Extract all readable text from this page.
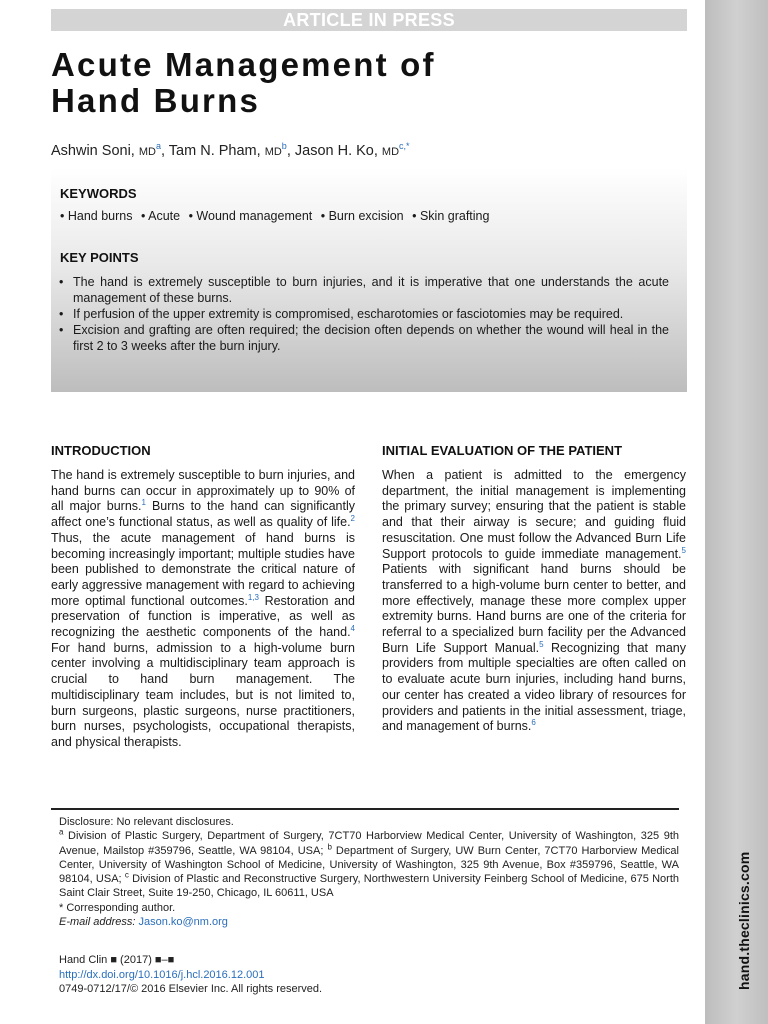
ARTICLE IN PRESS
hand.theclinics.com
Acute Management of
Hand Burns
Ashwin Soni, $MD^a$, Tam N. Pham, $MD^b$, Jason H. Ko, $MD^{c,*}$
KEYWORDS
• Hand burns • Acute • Wound management • Burn excision • Skin grafting
KEY POINTS
• The hand is extremely susceptible to burn injuries, and it is imperative that one understands the acute management of these burns.
• If perfusion of the upper extremity is compromised, escharotomies or fasciotomies may be required.
• Excision and grafting are often required; the decision often depends on whether the wound will heal in the first 2 to 3 weeks after the burn injury.
INTRODUCTION

The hand is extremely susceptible to burn injuries, and hand burns can occur in approximately up to 90% of all major burns.$^1$ Burns to the hand can significantly affect one’s functional status, as well as quality of life.$^2$ Thus, the acute management of hand burns is becoming increasingly important; multiple studies have been published to demonstrate the critical nature of early aggressive management with regard to achieving more optimal functional outcomes.$^{1,3}$ Restoration and preservation of function is imperative, as well as recognizing the aesthetic components of the hand.$^4$ For hand burns, admission to a high-volume burn center involving a multidisciplinary team approach is crucial to hand burn management. The multidisciplinary team includes, but is not limited to, burn surgeons, plastic surgeons, nurse practitioners, burn nurses, psychologists, occupational therapists, and physical therapists.

INITIAL EVALUATION OF THE PATIENT

When a patient is admitted to the emergency department, the initial management is implementing the primary survey; ensuring that the patient is stable and that their airway is secure; and guiding fluid resuscitation. One must follow the Advanced Burn Life Support protocols to guide immediate management.$^5$ Patients with significant hand burns should be transferred to a high-volume burn center to better, and more effectively, manage these more complex upper extremity burns. Hand burns are one of the criteria for referral to a specialized burn facility per the Advanced Burn Life Support Manual.$^5$ Recognizing that many providers from multiple specialties are often called on to evaluate acute burn injuries, including hand burns, our center has created a video library of resources for providers and patients in the initial assessment, triage, and management of burns.$^6$

Disclosure: No relevant disclosures.

$^a$ Division of Plastic Surgery, Department of Surgery, 7CT70 Harborview Medical Center, University of Washington, 325 9th Avenue, Mailstop #359796, Seattle, WA 98104, USA; $^b$ Department of Surgery, UW Burn Center, 7CT70 Harborview Medical Center, University of Washington School of Medicine, University of Washington, 325 9th Avenue, Box #359796, Seattle, WA 98104, USA; $^c$ Division of Plastic and Reconstructive Surgery, Northwestern University Feinberg School of Medicine, 675 North Saint Clair Street, Suite 19-250, Chicago, IL 60611, USA

* Corresponding author.

E-mail address: Jason.ko@nm.org

Hand Clin ■ (2017) ■–■
http://dx.doi.org/10.1016/j.hcl.2016.12.001
0749-0712/17/© 2016 Elsevier Inc. All rights reserved.
